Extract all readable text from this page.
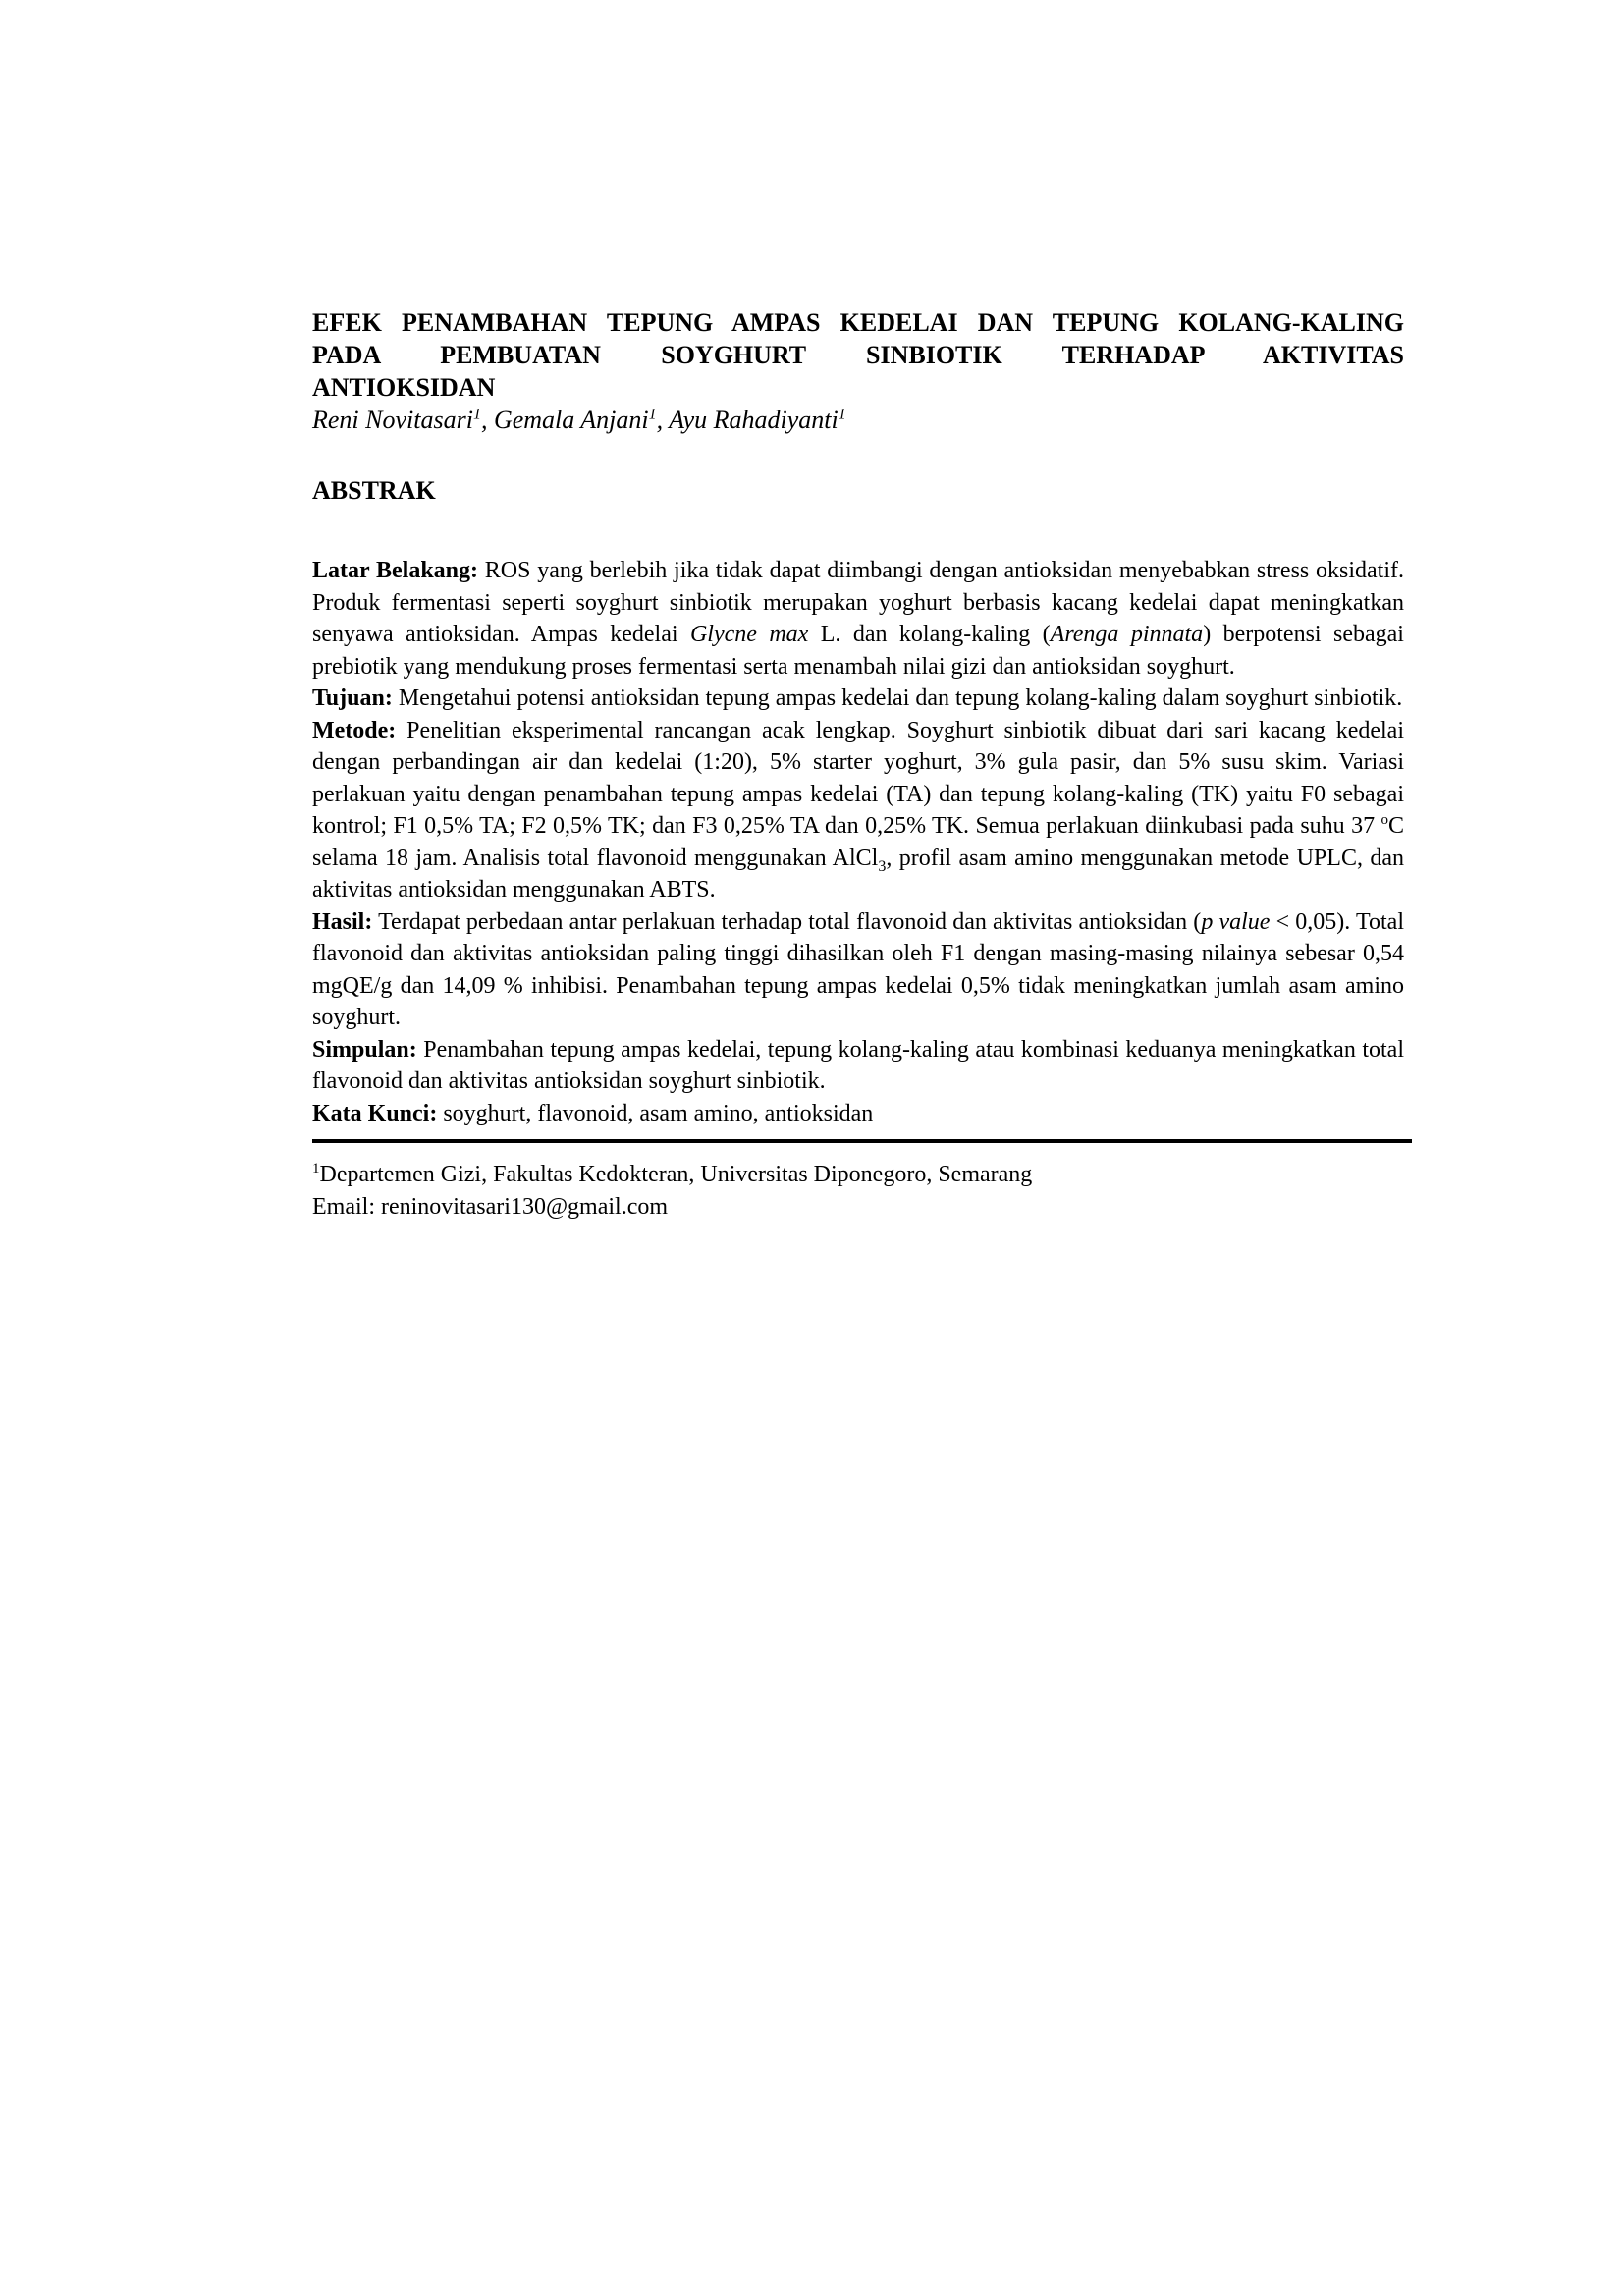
EFEK PENAMBAHAN TEPUNG AMPAS KEDELAI DAN TEPUNG KOLANG-KALING
PADA PEMBUATAN SOYGHURT SINBIOTIK TERHADAP AKTIVITAS
ANTIOKSIDAN

Reni Novitasari$^1$, Gemala Anjani$^1$, Ayu Rahadiyanti$^1$

ABSTRAK

Latar Belakang: ROS yang berlebih jika tidak dapat diimbangi dengan antioksidan menyebabkan stress oksidatif. Produk fermentasi seperti soyghurt sinbiotik merupakan yoghurt berbasis kacang kedelai dapat meningkatkan senyawa antioksidan. Ampas kedelai Glycne max L. dan kolang-kaling (Arenga pinnata) berpotensi sebagai prebiotik yang mendukung proses fermentasi serta menambah nilai gizi dan antioksidan soyghurt.

Tujuan: Mengetahui potensi antioksidan tepung ampas kedelai dan tepung kolang-kaling dalam soyghurt sinbiotik.

Metode: Penelitian eksperimental rancangan acak lengkap. Soyghurt sinbiotik dibuat dari sari kacang kedelai dengan perbandingan air dan kedelai (1:20), 5% starter yoghurt, 3% gula pasir, dan 5% susu skim. Variasi perlakuan yaitu dengan penambahan tepung ampas kedelai (TA) dan tepung kolang-kaling (TK) yaitu F0 sebagai kontrol; F1 0,5% TA; F2 0,5% TK; dan F3 0,25% TA dan 0,25% TK. Semua perlakuan diinkubasi pada suhu 37 $^o$C selama 18 jam. Analisis total flavonoid menggunakan AlCl$_3$, profil asam amino menggunakan metode UPLC, dan aktivitas antioksidan menggunakan ABTS.

Hasil: Terdapat perbedaan antar perlakuan terhadap total flavonoid dan aktivitas antioksidan (p value < 0,05). Total flavonoid dan aktivitas antioksidan paling tinggi dihasilkan oleh F1 dengan masing-masing nilainya sebesar 0,54 mgQE/g dan 14,09 % inhibisi. Penambahan tepung ampas kedelai 0,5% tidak meningkatkan jumlah asam amino soyghurt.

Simpulan: Penambahan tepung ampas kedelai, tepung kolang-kaling atau kombinasi keduanya meningkatkan total flavonoid dan aktivitas antioksidan soyghurt sinbiotik.

Kata Kunci: soyghurt, flavonoid, asam amino, antioksidan

$^1$Departemen Gizi, Fakultas Kedokteran, Universitas Diponegoro, Semarang

Email: reninovitasari130@gmail.com
